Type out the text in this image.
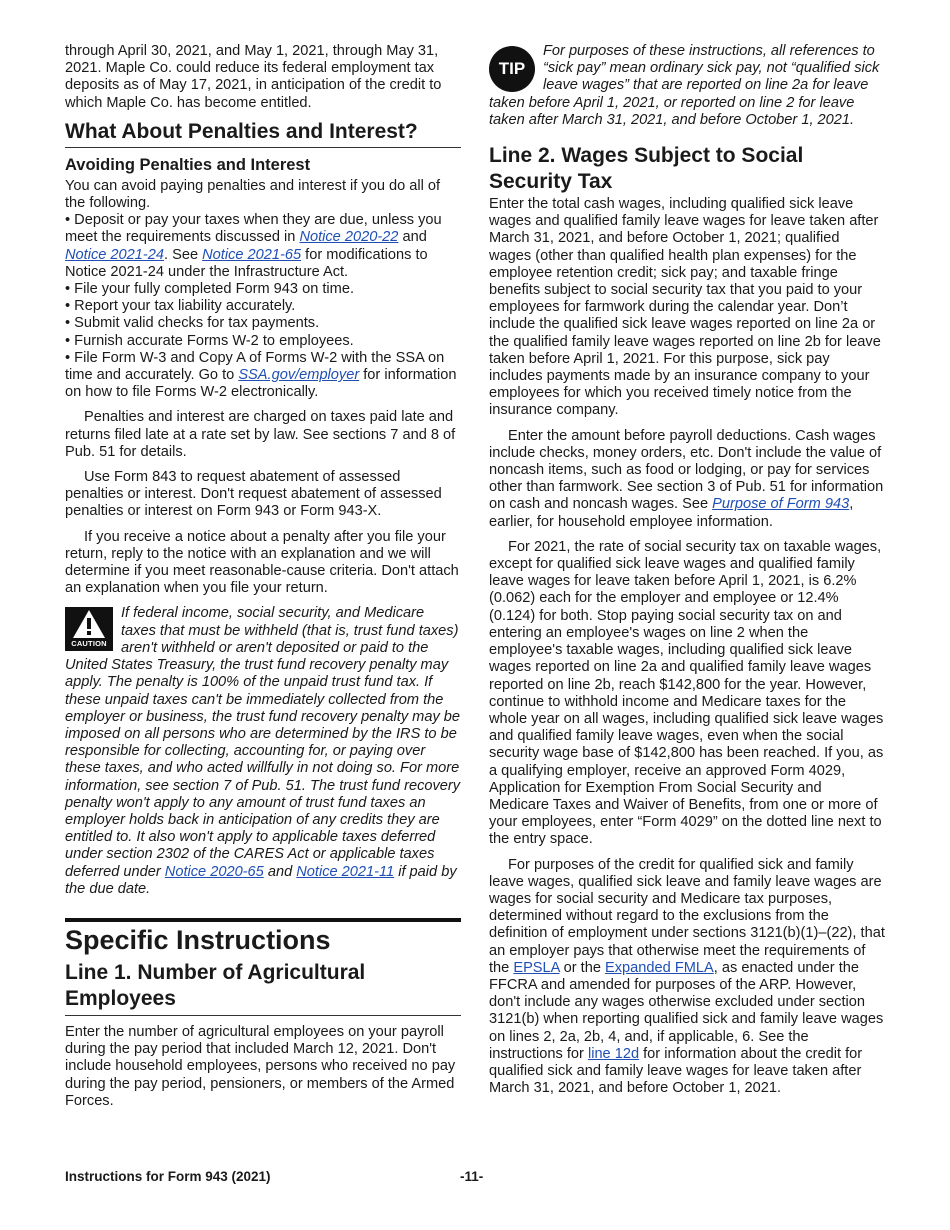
through April 30, 2021, and May 1, 2021, through May 31, 2021. Maple Co. could reduce its federal employment tax deposits as of May 17, 2021, in anticipation of the credit to which Maple Co. has become entitled.

What About Penalties and Interest?
Avoiding Penalties and Interest

You can avoid paying penalties and interest if you do all of the following.

• Deposit or pay your taxes when they are due, unless you meet the requirements discussed in Notice 2020-22 and Notice 2021-24. See Notice 2021-65 for modifications to Notice 2021-24 under the Infrastructure Act.

• File your fully completed Form 943 on time.

• Report your tax liability accurately.

• Submit valid checks for tax payments.

• Furnish accurate Forms W-2 to employees.

• File Form W-3 and Copy A of Forms W-2 with the SSA on time and accurately. Go to SSA.gov/employer for information on how to file Forms W-2 electronically.

Penalties and interest are charged on taxes paid late and returns filed late at a rate set by law. See sections 7 and 8 of Pub. 51 for details.

Use Form 843 to request abatement of assessed penalties or interest. Don't request abatement of assessed penalties or interest on Form 943 or Form 943-X.

If you receive a notice about a penalty after you file your return, reply to the notice with an explanation and we will determine if you meet reasonable-cause criteria. Don't attach an explanation when you file your return.

CAUTION
If federal income, social security, and Medicare taxes that must be withheld (that is, trust fund taxes) aren't withheld or aren't deposited or paid to the United States Treasury, the trust fund recovery penalty may apply. The penalty is 100% of the unpaid trust fund tax. If these unpaid taxes can't be immediately collected from the employer or business, the trust fund recovery penalty may be imposed on all persons who are determined by the IRS to be responsible for collecting, accounting for, or paying over these taxes, and who acted willfully in not doing so. For more information, see section 7 of Pub. 51. The trust fund recovery penalty won't apply to any amount of trust fund taxes an employer holds back in anticipation of any credits they are entitled to. It also won't apply to applicable taxes deferred under section 2302 of the CARES Act or applicable taxes deferred under Notice 2020-65 and Notice 2021-11 if paid by the due date.
Specific Instructions
Line 1. Number of Agricultural Employees

Enter the number of agricultural employees on your payroll during the pay period that included March 12, 2021. Don't include household employees, persons who received no pay during the pay period, pensioners, or members of the Armed Forces.

TIP
For purposes of these instructions, all references to “sick pay” mean ordinary sick pay, not “qualified sick leave wages” that are reported on line 2a for leave taken before April 1, 2021, or reported on line 2 for leave taken after March 31, 2021, and before October 1, 2021.
Line 2. Wages Subject to Social Security Tax

Enter the total cash wages, including qualified sick leave wages and qualified family leave wages for leave taken after March 31, 2021, and before October 1, 2021; qualified wages (other than qualified health plan expenses) for the employee retention credit; sick pay; and taxable fringe benefits subject to social security tax that you paid to your employees for farmwork during the calendar year. Don’t include the qualified sick leave wages reported on line 2a or the qualified family leave wages reported on line 2b for leave taken before April 1, 2021. For this purpose, sick pay includes payments made by an insurance company to your employees for which you received timely notice from the insurance company.

Enter the amount before payroll deductions. Cash wages include checks, money orders, etc. Don't include the value of noncash items, such as food or lodging, or pay for services other than farmwork. See section 3 of Pub. 51 for information on cash and noncash wages. See Purpose of Form 943, earlier, for household employee information.

For 2021, the rate of social security tax on taxable wages, except for qualified sick leave wages and qualified family leave wages for leave taken before April 1, 2021, is 6.2% (0.062) each for the employer and employee or 12.4% (0.124) for both. Stop paying social security tax on and entering an employee's wages on line 2 when the employee's taxable wages, including qualified sick leave wages reported on line 2a and qualified family leave wages reported on line 2b, reach $142,800 for the year. However, continue to withhold income and Medicare taxes for the whole year on all wages, including qualified sick leave wages and qualified family leave wages, even when the social security wage base of $142,800 has been reached. If you, as a qualifying employer, receive an approved Form 4029, Application for Exemption From Social Security and Medicare Taxes and Waiver of Benefits, from one or more of your employees, enter “Form 4029” on the dotted line next to the entry space.

For purposes of the credit for qualified sick and family leave wages, qualified sick leave and family leave wages are wages for social security and Medicare tax purposes, determined without regard to the exclusions from the definition of employment under sections 3121(b)(1)–(22), that an employer pays that otherwise meet the requirements of the EPSLA or the Expanded FMLA, as enacted under the FFCRA and amended for purposes of the ARP. However, don't include any wages otherwise excluded under section 3121(b) when reporting qualified sick and family leave wages on lines 2, 2a, 2b, 4, and, if applicable, 6. See the instructions for line 12d for information about the credit for qualified sick and family leave wages for leave taken after March 31, 2021, and before October 1, 2021.

Instructions for Form 943 (2021)	-11-
